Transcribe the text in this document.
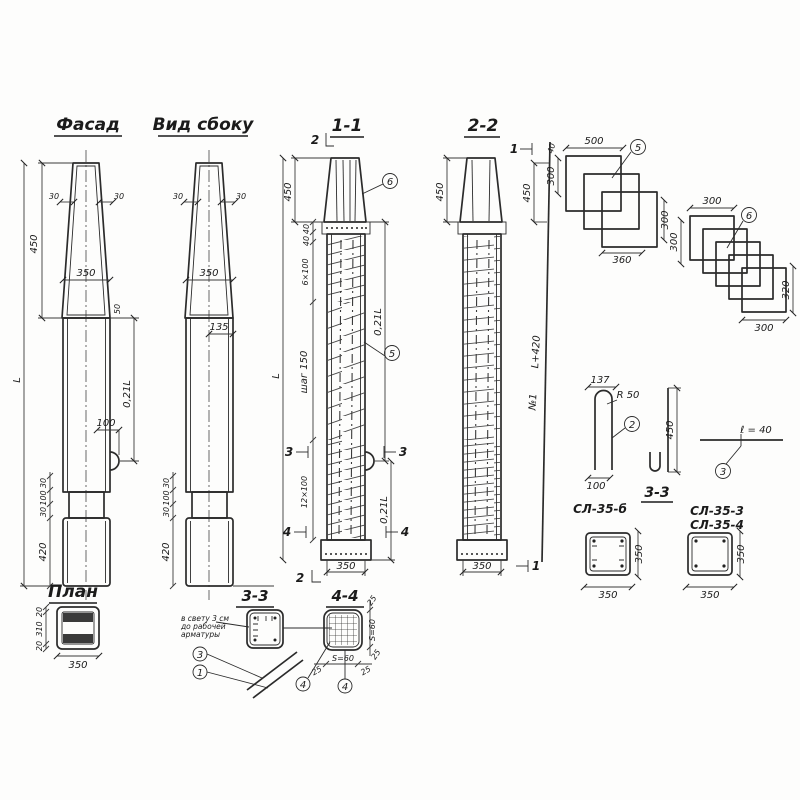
Фасад
450
L
30	30
50
350
0,21L
100
30
100
30
420
Вид сбоку
30	30
350
135
30
100
30
420
1-1
2
450
L
40
40
6×100
шаг 150
12×100
0,21L
0,21L
350
3	3
4	4
2
6
5
2-2
450
350
1
1
40
450
L+420
№1
500
300
300
360
5
300
300
320
300
6
137
R 50
2
100
СЛ-35-б
450
3-3
ℓ = 40
3
СЛ-35-3
СЛ-35-4
350
350
350
350
План
20
310
20
350
3-3
в свету 3 см
до рабочей
арматуры
3
1
4-4 25
S=60
25
25
S=60
25
4	4
